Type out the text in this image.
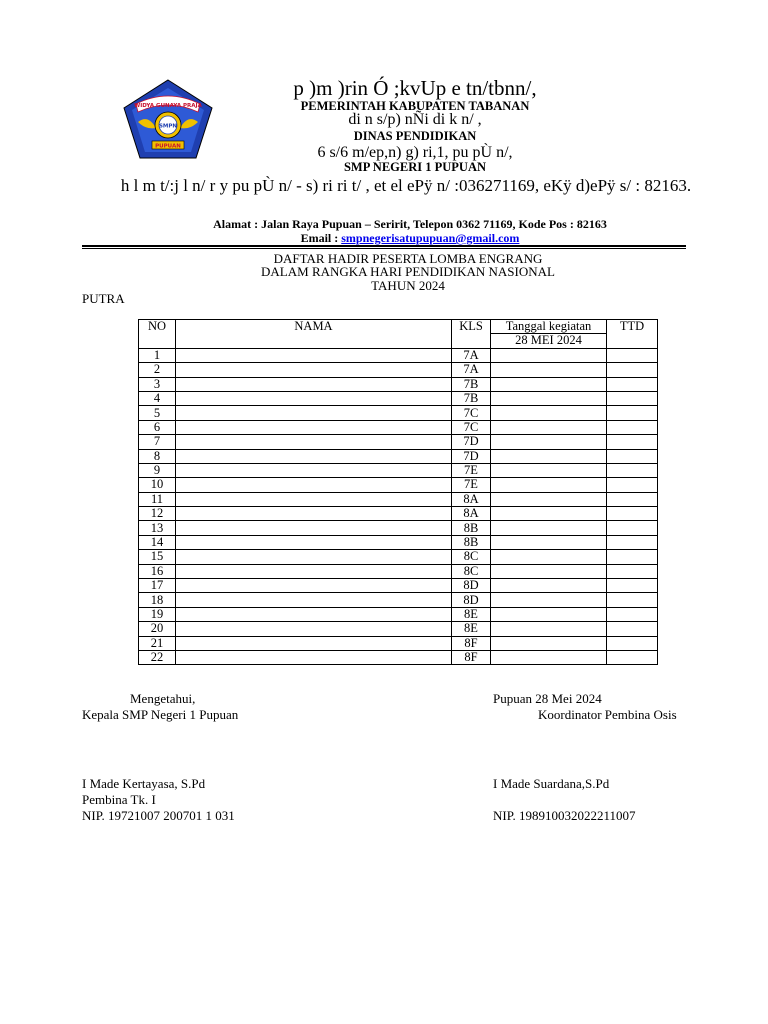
WIDYA GUNAYA PRAJA
SMPN
PUPUAN
p )m )rin Ó ;kvUp e tn/tbnn/,
PEMERINTAH KABUPATEN TABANAN
di n s/p) nÑi di k n/ ,
DINAS PENDIDIKAN
6 s/6 m/ep,n) g) ri,1, pu pÙ n/,
SMP NEGERI 1 PUPUAN
h l m t/:j l n/ r y pu pÙ n/ - s) ri ri t/ , et el ePÿ n/ :036271169, eKÿ d)ePÿ s/ : 82163.
Alamat : Jalan Raya Pupuan – Seririt, Telepon 0362 71169, Kode Pos : 82163
Email : smpnegerisatupupuan@gmail.com
DAFTAR HADIR PESERTA LOMBA ENGRANG
DALAM RANGKA HARI PENDIDIKAN NASIONAL
TAHUN 2024
PUTRA
NO	NAMA	KLS	Tanggal kegiatan	TTD
			28 MEI 2024	
1		7A		
2		7A		
3		7B		
4		7B		
5		7C		
6		7C		
7		7D		
8		7D		
9		7E		
10		7E		
11		8A		
12		8A		
13		8B		
14		8B		
15		8C		
16		8C		
17		8D		
18		8D		
19		8E		
20		8E		
21		8F		
22		8F		
Mengetahui,
Kepala SMP Negeri 1 Pupuan
I Made Kertayasa, S.Pd
Pembina Tk. I
NIP. 19721007 200701 1 031
Pupuan 28 Mei 2024
Koordinator Pembina Osis
I Made Suardana,S.Pd
NIP. 198910032022211007
